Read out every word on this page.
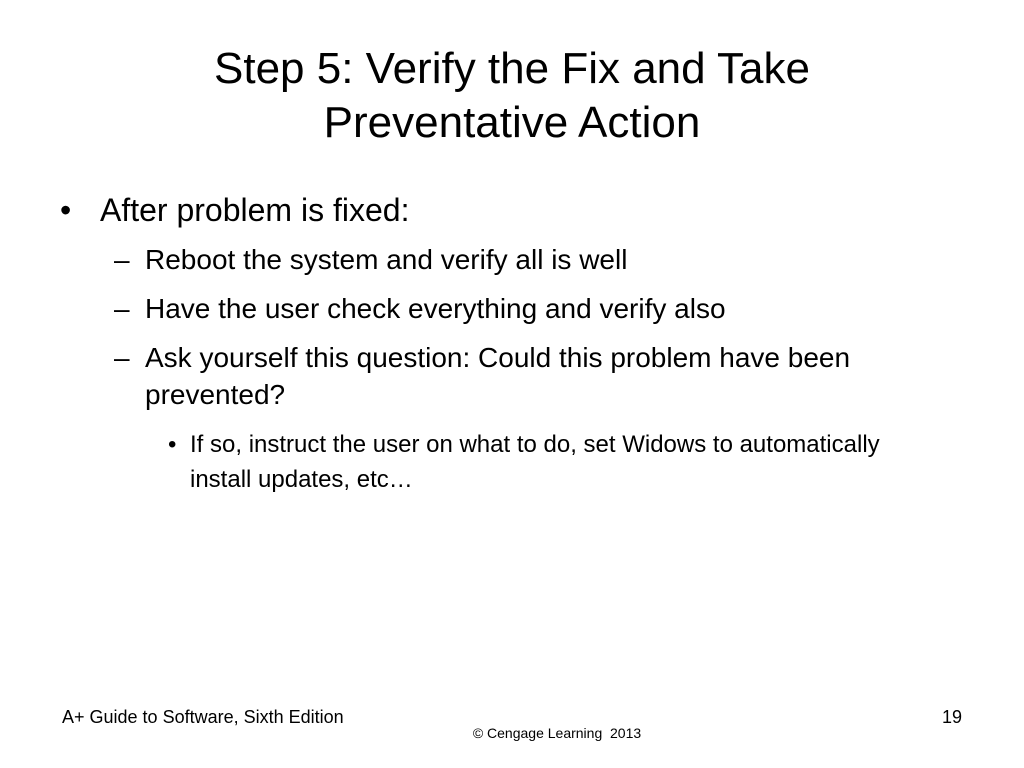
Step 5: Verify the Fix and Take
Preventative Action
• After problem is fixed:
– Reboot the system and verify all is well
– Have the user check everything and verify also
– Ask yourself this question: Could this problem have been prevented?
• If so, instruct the user on what to do, set Widows to automatically install updates, etc…
A+ Guide to Software, Sixth Edition
© Cengage Learning  2013
19
